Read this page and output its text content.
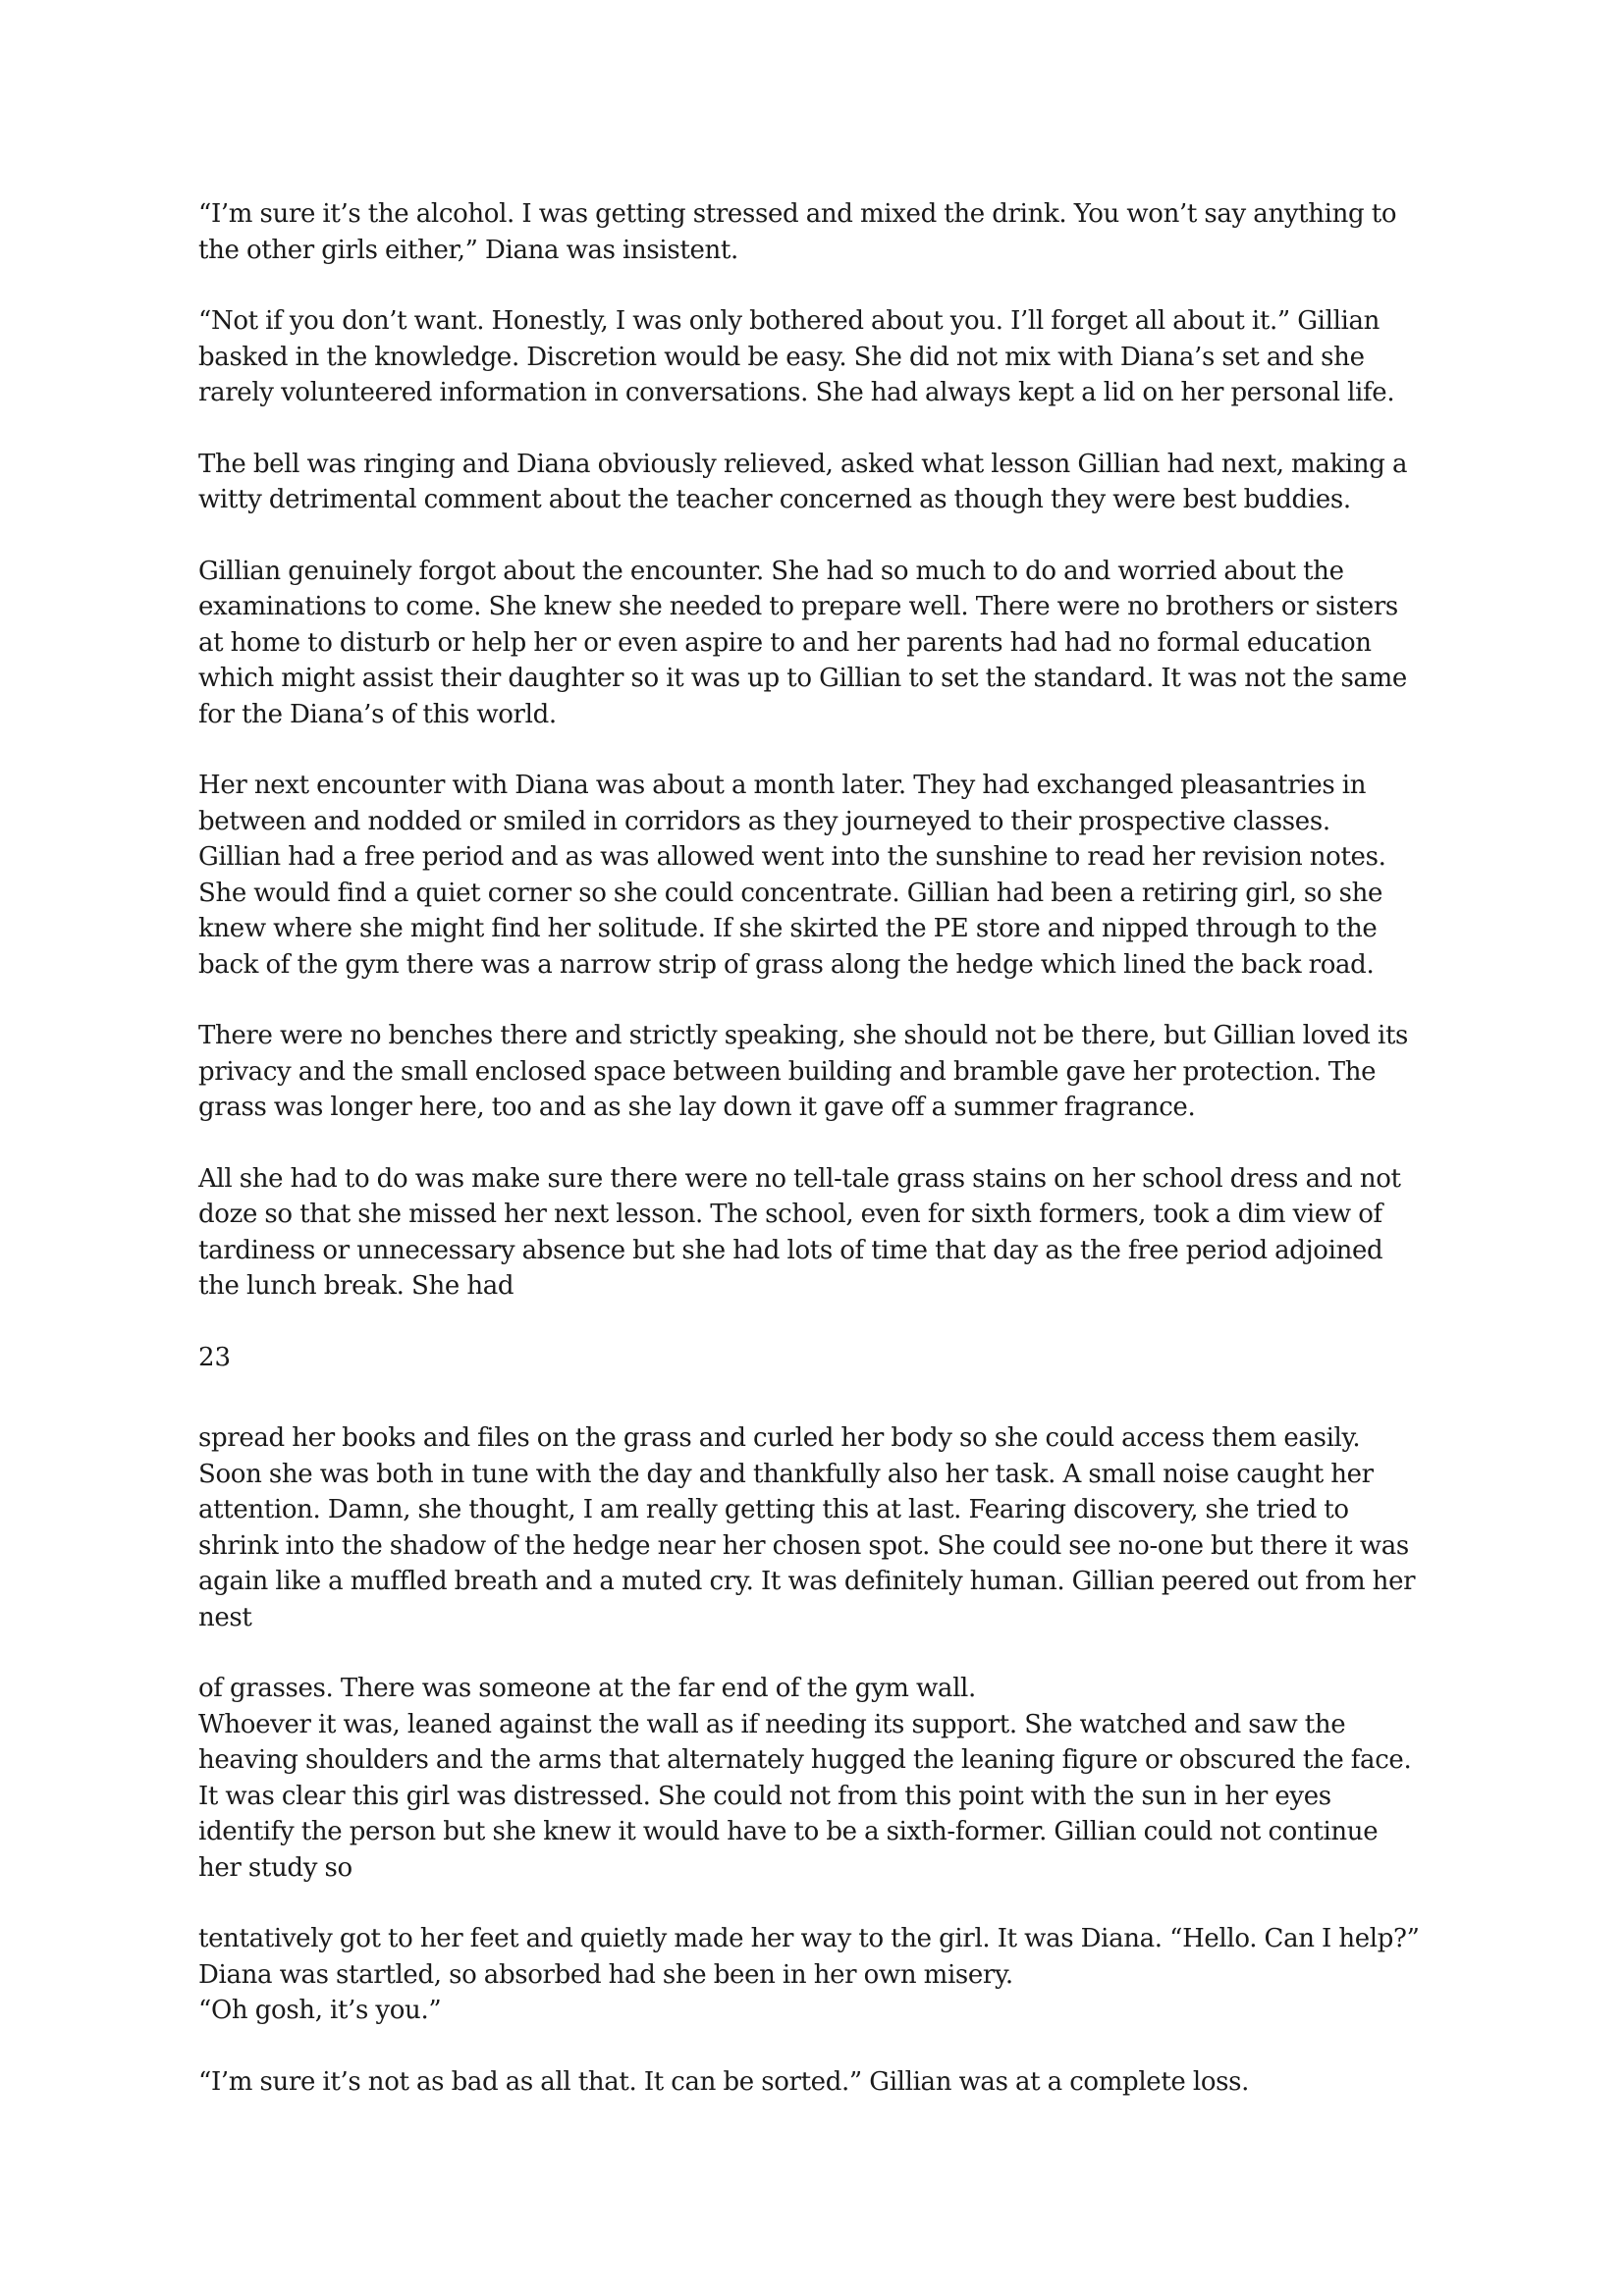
“I’m sure it’s the alcohol. I was getting stressed and mixed the drink. You won’t say anything to
the other girls either,” Diana was insistent.

“Not if you don’t want. Honestly, I was only bothered about you. I’ll forget all about it.” Gillian
basked in the knowledge. Discretion would be easy. She did not mix with Diana’s set and she
rarely volunteered information in conversations. She had always kept a lid on her personal life.

The bell was ringing and Diana obviously relieved, asked what lesson Gillian had next, making a
witty detrimental comment about the teacher concerned as though they were best buddies.

Gillian genuinely forgot about the encounter. She had so much to do and worried about the
examinations to come. She knew she needed to prepare well. There were no brothers or sisters
at home to disturb or help her or even aspire to and her parents had had no formal education
which might assist their daughter so it was up to Gillian to set the standard. It was not the same
for the Diana’s of this world.

Her next encounter with Diana was about a month later. They had exchanged pleasantries in
between and nodded or smiled in corridors as they journeyed to their prospective classes.
Gillian had a free period and as was allowed went into the sunshine to read her revision notes.
She would find a quiet corner so she could concentrate. Gillian had been a retiring girl, so she
knew where she might find her solitude. If she skirted the PE store and nipped through to the
back of the gym there was a narrow strip of grass along the hedge which lined the back road.

There were no benches there and strictly speaking, she should not be there, but Gillian loved its
privacy and the small enclosed space between building and bramble gave her protection. The
grass was longer here, too and as she lay down it gave off a summer fragrance.

All she had to do was make sure there were no tell-tale grass stains on her school dress and not
doze so that she missed her next lesson. The school, even for sixth formers, took a dim view of
tardiness or unnecessary absence but she had lots of time that day as the free period adjoined
the lunch break. She had

23

spread her books and files on the grass and curled her body so she could access them easily.
Soon she was both in tune with the day and thankfully also her task. A small noise caught her
attention. Damn, she thought, I am really getting this at last. Fearing discovery, she tried to
shrink into the shadow of the hedge near her chosen spot. She could see no-one but there it was
again like a muffled breath and a muted cry. It was definitely human. Gillian peered out from her
nest

of grasses. There was someone at the far end of the gym wall.
Whoever it was, leaned against the wall as if needing its support. She watched and saw the
heaving shoulders and the arms that alternately hugged the leaning figure or obscured the face.
It was clear this girl was distressed. She could not from this point with the sun in her eyes
identify the person but she knew it would have to be a sixth-former. Gillian could not continue
her study so

tentatively got to her feet and quietly made her way to the girl. It was Diana. “Hello. Can I help?”
Diana was startled, so absorbed had she been in her own misery.
“Oh gosh, it’s you.”

“I’m sure it’s not as bad as all that. It can be sorted.” Gillian was at a complete loss.
